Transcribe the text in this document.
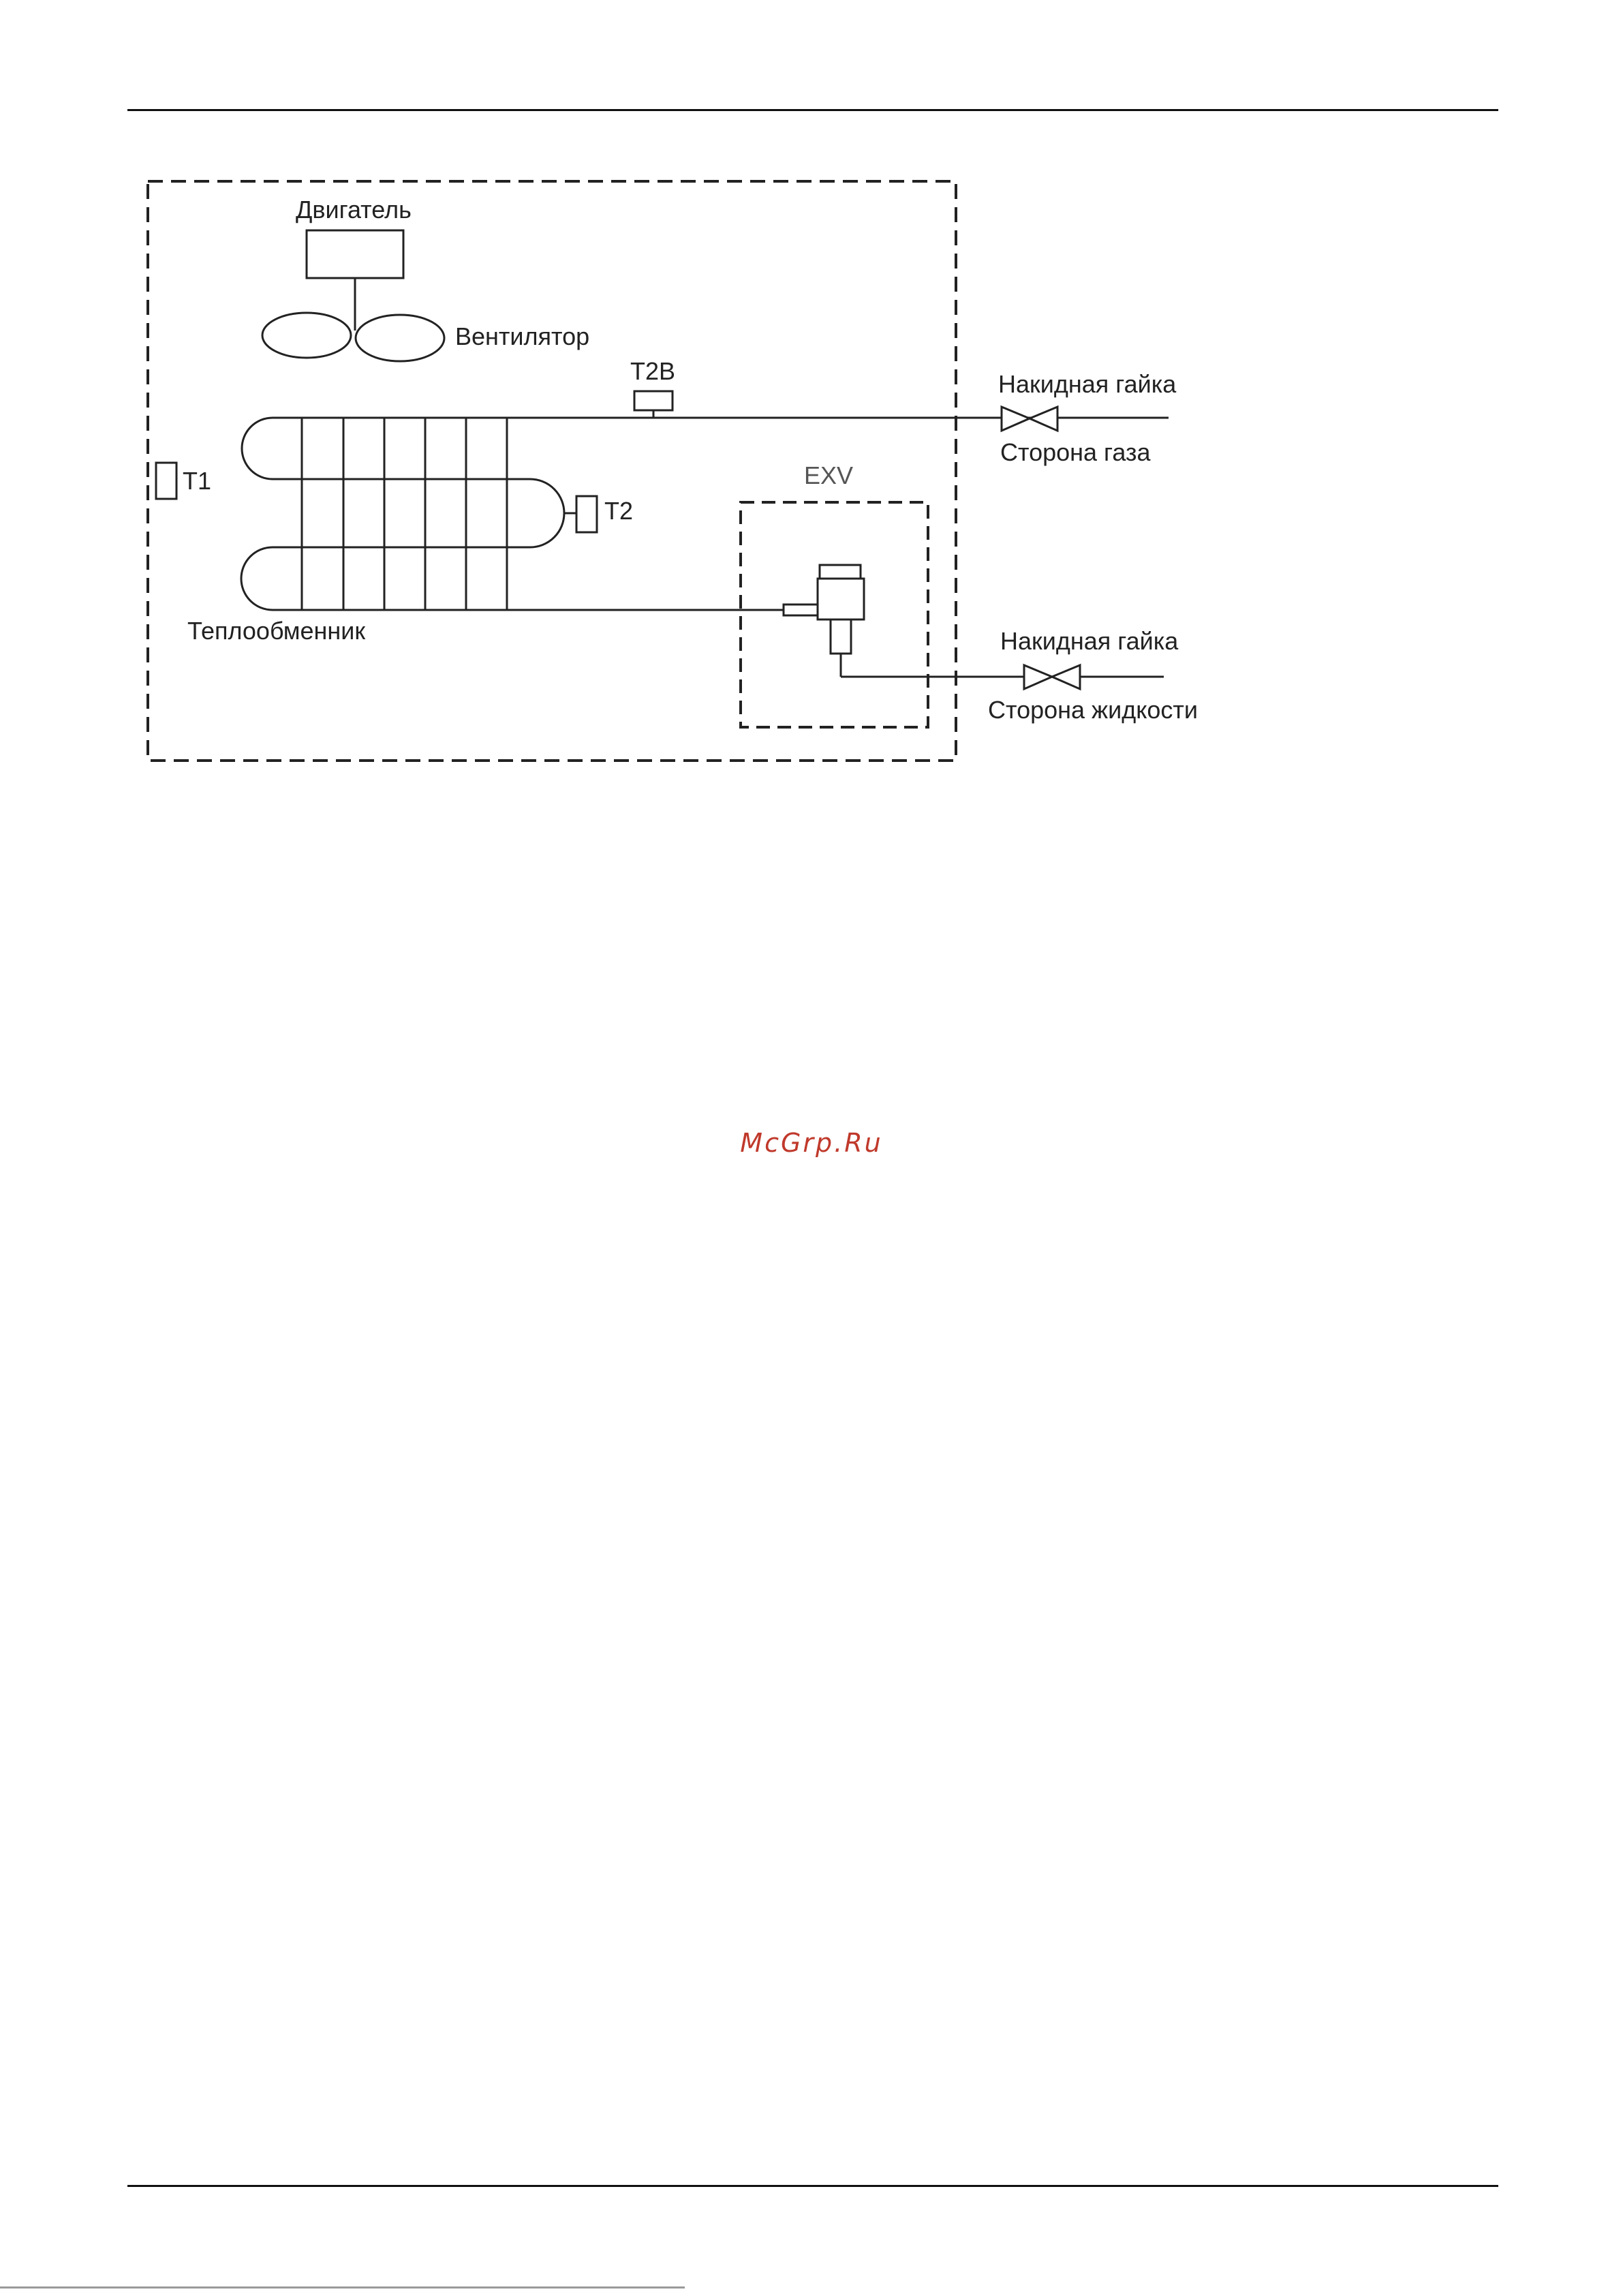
Двигатель
Вентилятор
Теплообменник
T2B
T1
T2
EXV
Накидная гайка
Сторона газа
Накидная гайка
Сторона жидкости
McGrp.Ru
